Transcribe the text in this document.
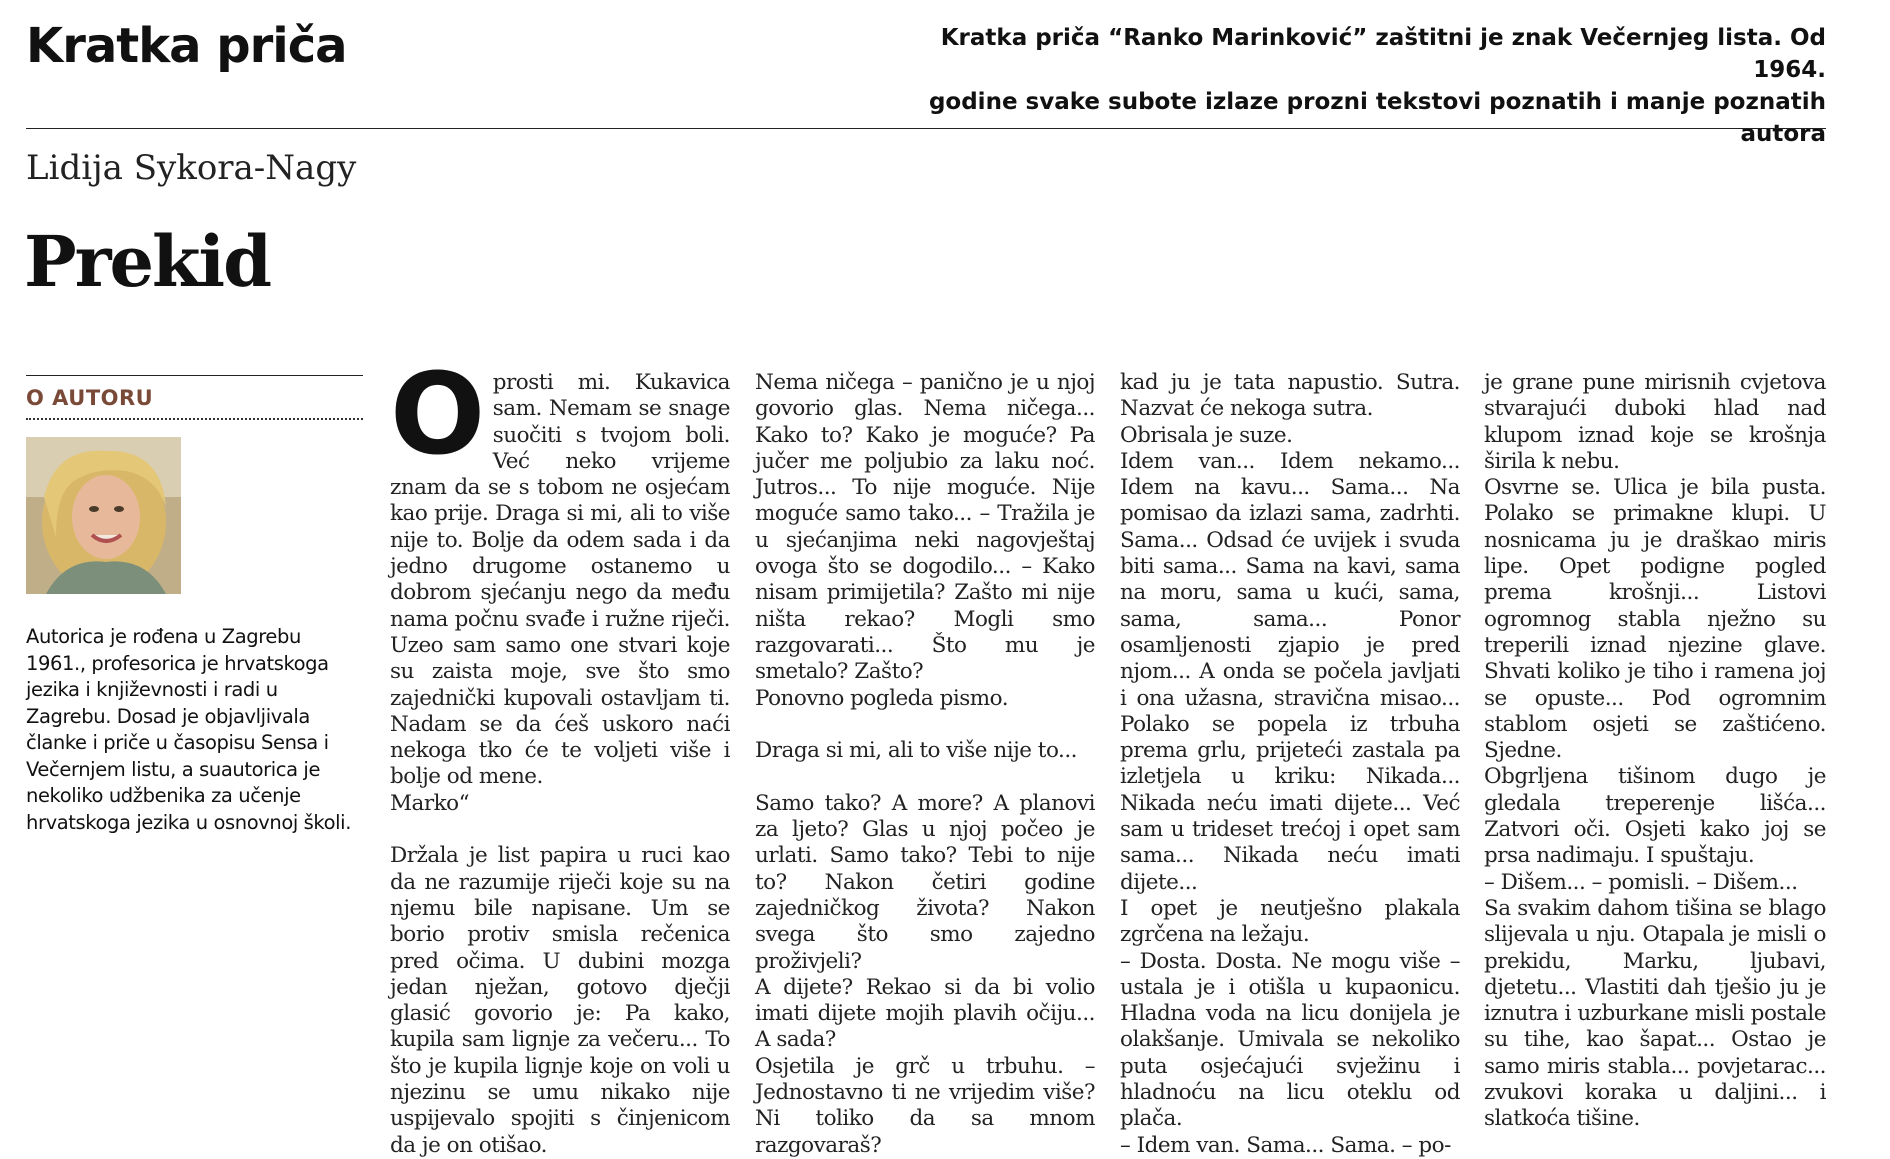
Kratka priča	Kratka priča “Ranko Marinković” zaštitni je znak Večernjeg lista. Od 1964.
godine svake subote izlaze prozni tekstovi poznatih i manje poznatih autora
Lidija Sykora-Nagy
Prekid
O AUTORU
Autorica je rođena u Zagrebu 1961., profesorica je hrvatskoga jezika i književnosti i radi u Zagrebu. Dosad je objavljivala članke i priče u časopisu Sensa i Večernjem listu, a suautorica je nekoliko udžbenika za učenje hrvatskoga jezika u osnovnoj školi.
O prosti mi. Kukavica sam. Nemam se snage suočiti s tvojom boli. Već neko vrijeme znam da se s tobom ne osjećam kao prije. Draga si mi, ali to više nije to. Bolje da odem sada i da jedno drugome ostanemo u dobrom sjećanju nego da među nama počnu svađe i ružne riječi. Uzeo sam samo one stvari koje su zaista moje, sve što smo zajednički kupovali ostavljam ti. Nadam se da ćeš uskoro naći nekoga tko će te voljeti više i bolje od mene.

Marko“

Držala je list papira u ruci kao da ne razumije riječi koje su na njemu bile napisane. Um se borio protiv smisla rečenica pred očima. U dubini mozga jedan nježan, gotovo dječji glasić govorio je: Pa kako, kupila sam lignje za večeru... To što je kupila lignje koje on voli u njezinu se umu nikako nije uspijevalo spojiti s činjenicom da je on otišao.

Nema ničega – panično je u njoj govorio glas. Nema ničega... Kako to? Kako je moguće? Pa jučer me poljubio za laku noć. Jutros... To nije moguće. Nije moguće samo tako... – Tražila je u sjećanjima neki nagovještaj ovoga što se dogodilo... – Kako nisam primijetila? Zašto mi nije ništa rekao? Mogli smo razgovarati... Što mu je smetalo? Zašto?

Ponovno pogleda pismo.

Draga si mi, ali to više nije to...

Samo tako? A more? A planovi za ljeto? Glas u njoj počeo je urlati. Samo tako? Tebi to nije to? Nakon četiri godine zajedničkog života? Nakon svega što smo zajedno proživjeli?

A dijete? Rekao si da bi volio imati dijete mojih plavih očiju... A sada?

Osjetila je grč u trbuhu. – Jednostavno ti ne vrijedim više? Ni toliko da sa mnom razgovaraš?

kad ju je tata napustio. Sutra. Nazvat će nekoga sutra.

Obrisala je suze.

Idem van... Idem nekamo... Idem na kavu... Sama... Na pomisao da izlazi sama, zadrhti. Sama... Odsad će uvijek i svuda biti sama... Sama na kavi, sama na moru, sama u kući, sama, sama, sama... Ponor osamljenosti zjapio je pred njom... A onda se počela javljati i ona užasna, stravična misao... Polako se popela iz trbuha prema grlu, prijeteći zastala pa izletjela u kriku: Nikada... Nikada neću imati dijete... Već sam u trideset trećoj i opet sam sama... Nikada neću imati dijete...

I opet je neutješno plakala zgrčena na ležaju.

– Dosta. Dosta. Ne mogu više – ustala je i otišla u kupaonicu. Hladna voda na licu donijela je olakšanje. Umivala se nekoliko puta osjećajući svježinu i hladnoću na licu oteklu od plača.

– Idem van. Sama... Sama. – po-

je grane pune mirisnih cvjetova stvarajući duboki hlad nad klupom iznad koje se krošnja širila k nebu.

Osvrne se. Ulica je bila pusta. Polako se primakne klupi. U nosnicama ju je draškao miris lipe. Opet podigne pogled prema krošnji... Listovi ogromnog stabla nježno su treperili iznad njezine glave. Shvati koliko je tiho i ramena joj se opuste... Pod ogromnim stablom osjeti se zaštićeno. Sjedne.

Obgrljena tišinom dugo je gledala treperenje lišća... Zatvori oči. Osjeti kako joj se prsa nadimaju. I spuštaju.

– Dišem... – pomisli. – Dišem...

Sa svakim dahom tišina se blago slijevala u nju. Otapala je misli o prekidu, Marku, ljubavi, djetetu... Vlastiti dah tješio ju je iznutra i uzburkane misli postale su tihe, kao šapat... Ostao je samo miris stabla... povjetarac... zvukovi koraka u daljini... i slatkoća tišine.
